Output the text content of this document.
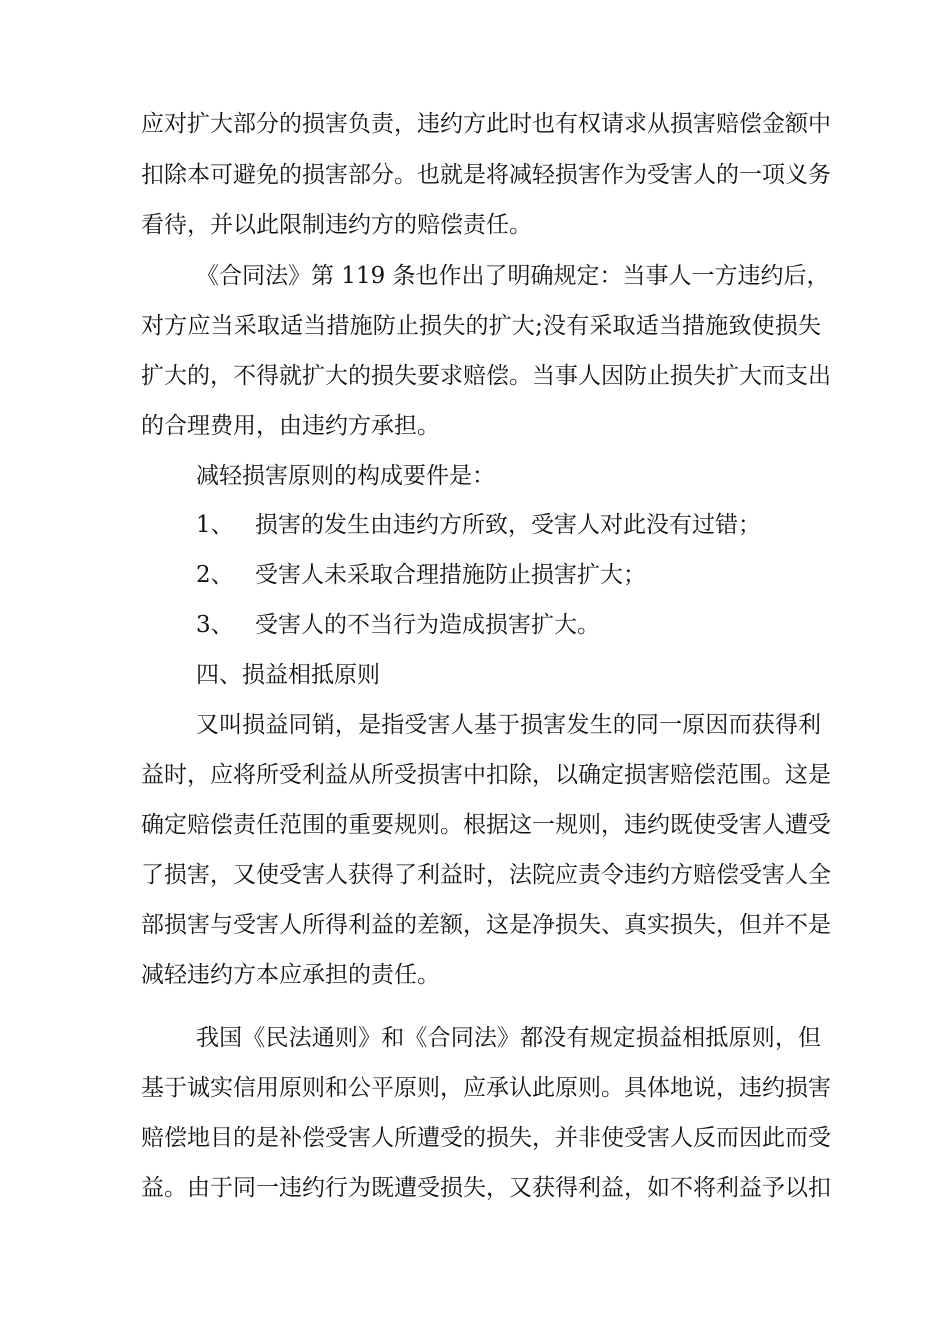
应对扩大部分的损害负责，违约方此时也有权请求从损害赔偿金额中
扣除本可避免的损害部分。也就是将减轻损害作为受害人的一项义务
看待，并以此限制违约方的赔偿责任。
《合同法》第 119 条也作出了明确规定：当事人一方违约后，
对方应当采取适当措施防止损失的扩大;没有采取适当措施致使损失
扩大的，不得就扩大的损失要求赔偿。当事人因防止损失扩大而支出
的合理费用，由违约方承担。
减轻损害原则的构成要件是：
1、 损害的发生由违约方所致，受害人对此没有过错；
2、 受害人未采取合理措施防止损害扩大；
3、 受害人的不当行为造成损害扩大。
四、损益相抵原则
又叫损益同销，是指受害人基于损害发生的同一原因而获得利
益时，应将所受利益从所受损害中扣除，以确定损害赔偿范围。这是
确定赔偿责任范围的重要规则。根据这一规则，违约既使受害人遭受
了损害，又使受害人获得了利益时，法院应责令违约方赔偿受害人全
部损害与受害人所得利益的差额，这是净损失、真实损失，但并不是
减轻违约方本应承担的责任。
我国《民法通则》和《合同法》都没有规定损益相抵原则，但
基于诚实信用原则和公平原则，应承认此原则。具体地说，违约损害
赔偿地目的是补偿受害人所遭受的损失，并非使受害人反而因此而受
益。由于同一违约行为既遭受损失，又获得利益，如不将利益予以扣
